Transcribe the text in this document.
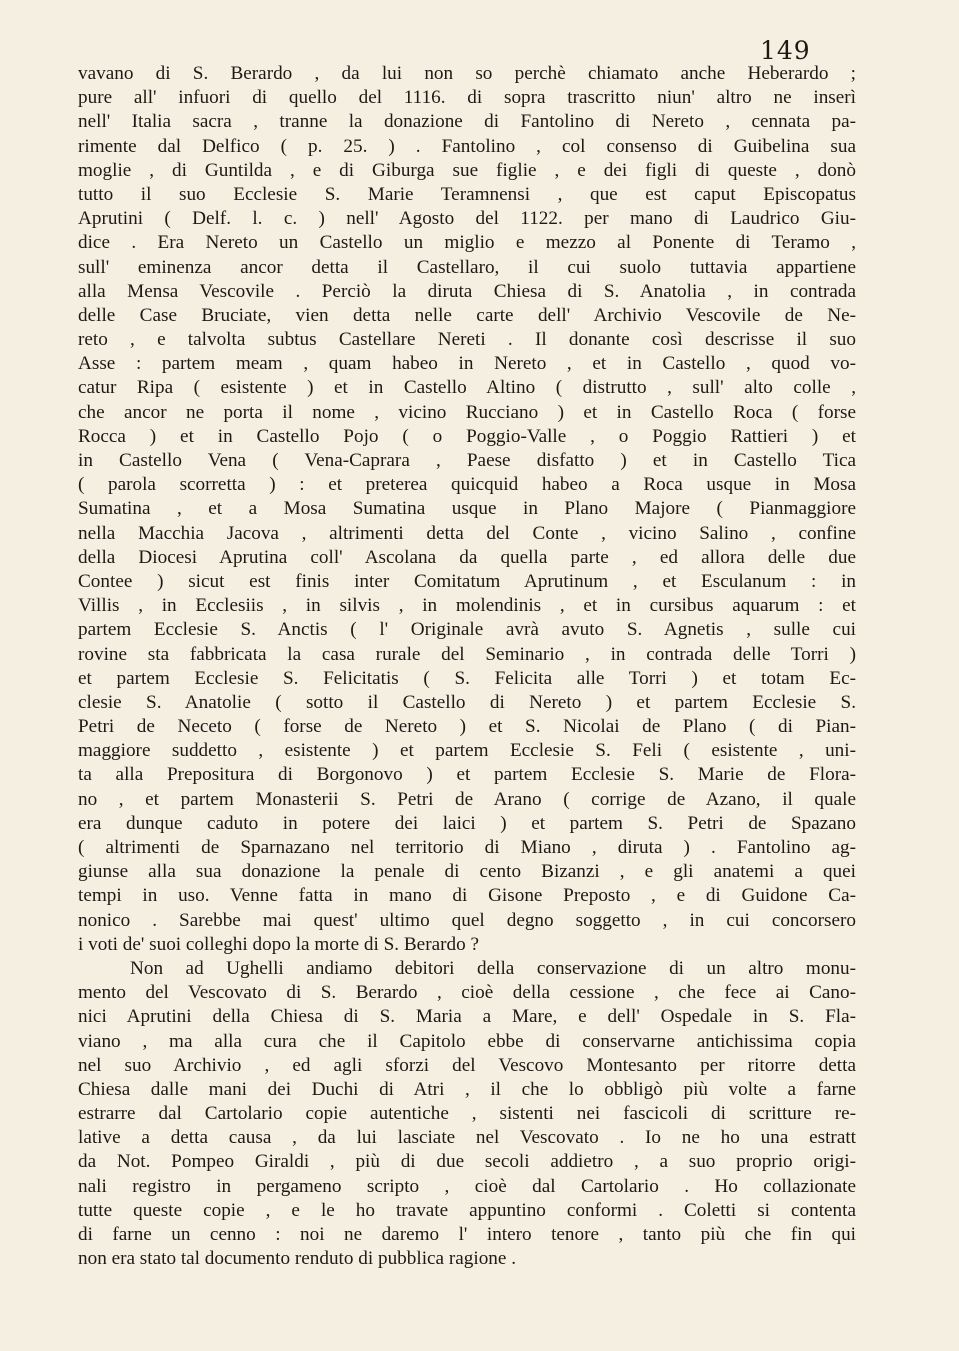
149
vavano di S. Berardo , da lui non so perchè chiamato anche Heberardo ;
pure all' infuori di quello del 1116. di sopra trascritto niun' altro ne inserì
nell' Italia sacra , tranne la donazione di Fantolino di Nereto , cennata pa-
rimente dal Delfico ( p. 25. ) . Fantolino , col consenso di Guibelina sua
moglie , di Guntilda , e di Giburga sue figlie , e dei figli di queste , donò
tutto il suo Ecclesie S. Marie Teramnensi , que est caput Episcopatus
Aprutini ( Delf. l. c. ) nell' Agosto del 1122. per mano di Laudrico Giu-
dice . Era Nereto un Castello un miglio e mezzo al Ponente di Teramo ,
sull' eminenza ancor detta il Castellaro, il cui suolo tuttavia appartiene
alla Mensa Vescovile . Perciò la diruta Chiesa di S. Anatolia , in contrada
delle Case Bruciate, vien detta nelle carte dell' Archivio Vescovile de Ne-
reto , e talvolta subtus Castellare Nereti . Il donante così descrisse il suo
Asse : partem meam , quam habeo in Nereto , et in Castello , quod vo-
catur Ripa ( esistente ) et in Castello Altino ( distrutto , sull' alto colle ,
che ancor ne porta il nome , vicino Rucciano ) et in Castello Roca ( forse
Rocca ) et in Castello Pojo ( o Poggio-Valle , o Poggio Rattieri ) et
in Castello Vena ( Vena-Caprara , Paese disfatto ) et in Castello Tica
( parola scorretta ) : et preterea quicquid habeo a Roca usque in Mosa
Sumatina , et a Mosa Sumatina usque in Plano Majore ( Pianmaggiore
nella Macchia Jacova , altrimenti detta del Conte , vicino Salino , confine
della Diocesi Aprutina coll' Ascolana da quella parte , ed allora delle due
Contee ) sicut est finis inter Comitatum Aprutinum , et Esculanum : in
Villis , in Ecclesiis , in silvis , in molendinis , et in cursibus aquarum : et
partem Ecclesie S. Anctis ( l' Originale avrà avuto S. Agnetis , sulle cui
rovine sta fabbricata la casa rurale del Seminario , in contrada delle Torri )
et partem Ecclesie S. Felicitatis ( S. Felicita alle Torri ) et totam Ec-
clesie S. Anatolie ( sotto il Castello di Nereto ) et partem Ecclesie S.
Petri de Neceto ( forse de Nereto ) et S. Nicolai de Plano ( di Pian-
maggiore suddetto , esistente ) et partem Ecclesie S. Feli ( esistente , uni-
ta alla Prepositura di Borgonovo ) et partem Ecclesie S. Marie de Flora-
no , et partem Monasterii S. Petri de Arano ( corrige de Azano, il quale
era dunque caduto in potere dei laici ) et partem S. Petri de Spazano
( altrimenti de Sparnazano nel territorio di Miano , diruta ) . Fantolino ag-
giunse alla sua donazione la penale di cento Bizanzi , e gli anatemi a quei
tempi in uso. Venne fatta in mano di Gisone Preposto , e di Guidone Ca-
nonico . Sarebbe mai quest' ultimo quel degno soggetto , in cui concorsero
i voti de' suoi colleghi dopo la morte di S. Berardo ?
Non ad Ughelli andiamo debitori della conservazione di un altro monu-
mento del Vescovato di S. Berardo , cioè della cessione , che fece ai Cano-
nici Aprutini della Chiesa di S. Maria a Mare, e dell' Ospedale in S. Fla-
viano , ma alla cura che il Capitolo ebbe di conservarne antichissima copia
nel suo Archivio , ed agli sforzi del Vescovo Montesanto per ritorre detta
Chiesa dalle mani dei Duchi di Atri , il che lo obbligò più volte a farne
estrarre dal Cartolario copie autentiche , sistenti nei fascicoli di scritture re-
lative a detta causa , da lui lasciate nel Vescovato . Io ne ho una estratt
da Not. Pompeo Giraldi , più di due secoli addietro , a suo proprio origi-
nali registro in pergameno scripto , cioè dal Cartolario . Ho collazionate
tutte queste copie , e le ho travate appuntino conformi . Coletti si contenta
di farne un cenno : noi ne daremo l' intero tenore , tanto più che fin qui
non era stato tal documento renduto di pubblica ragione .
